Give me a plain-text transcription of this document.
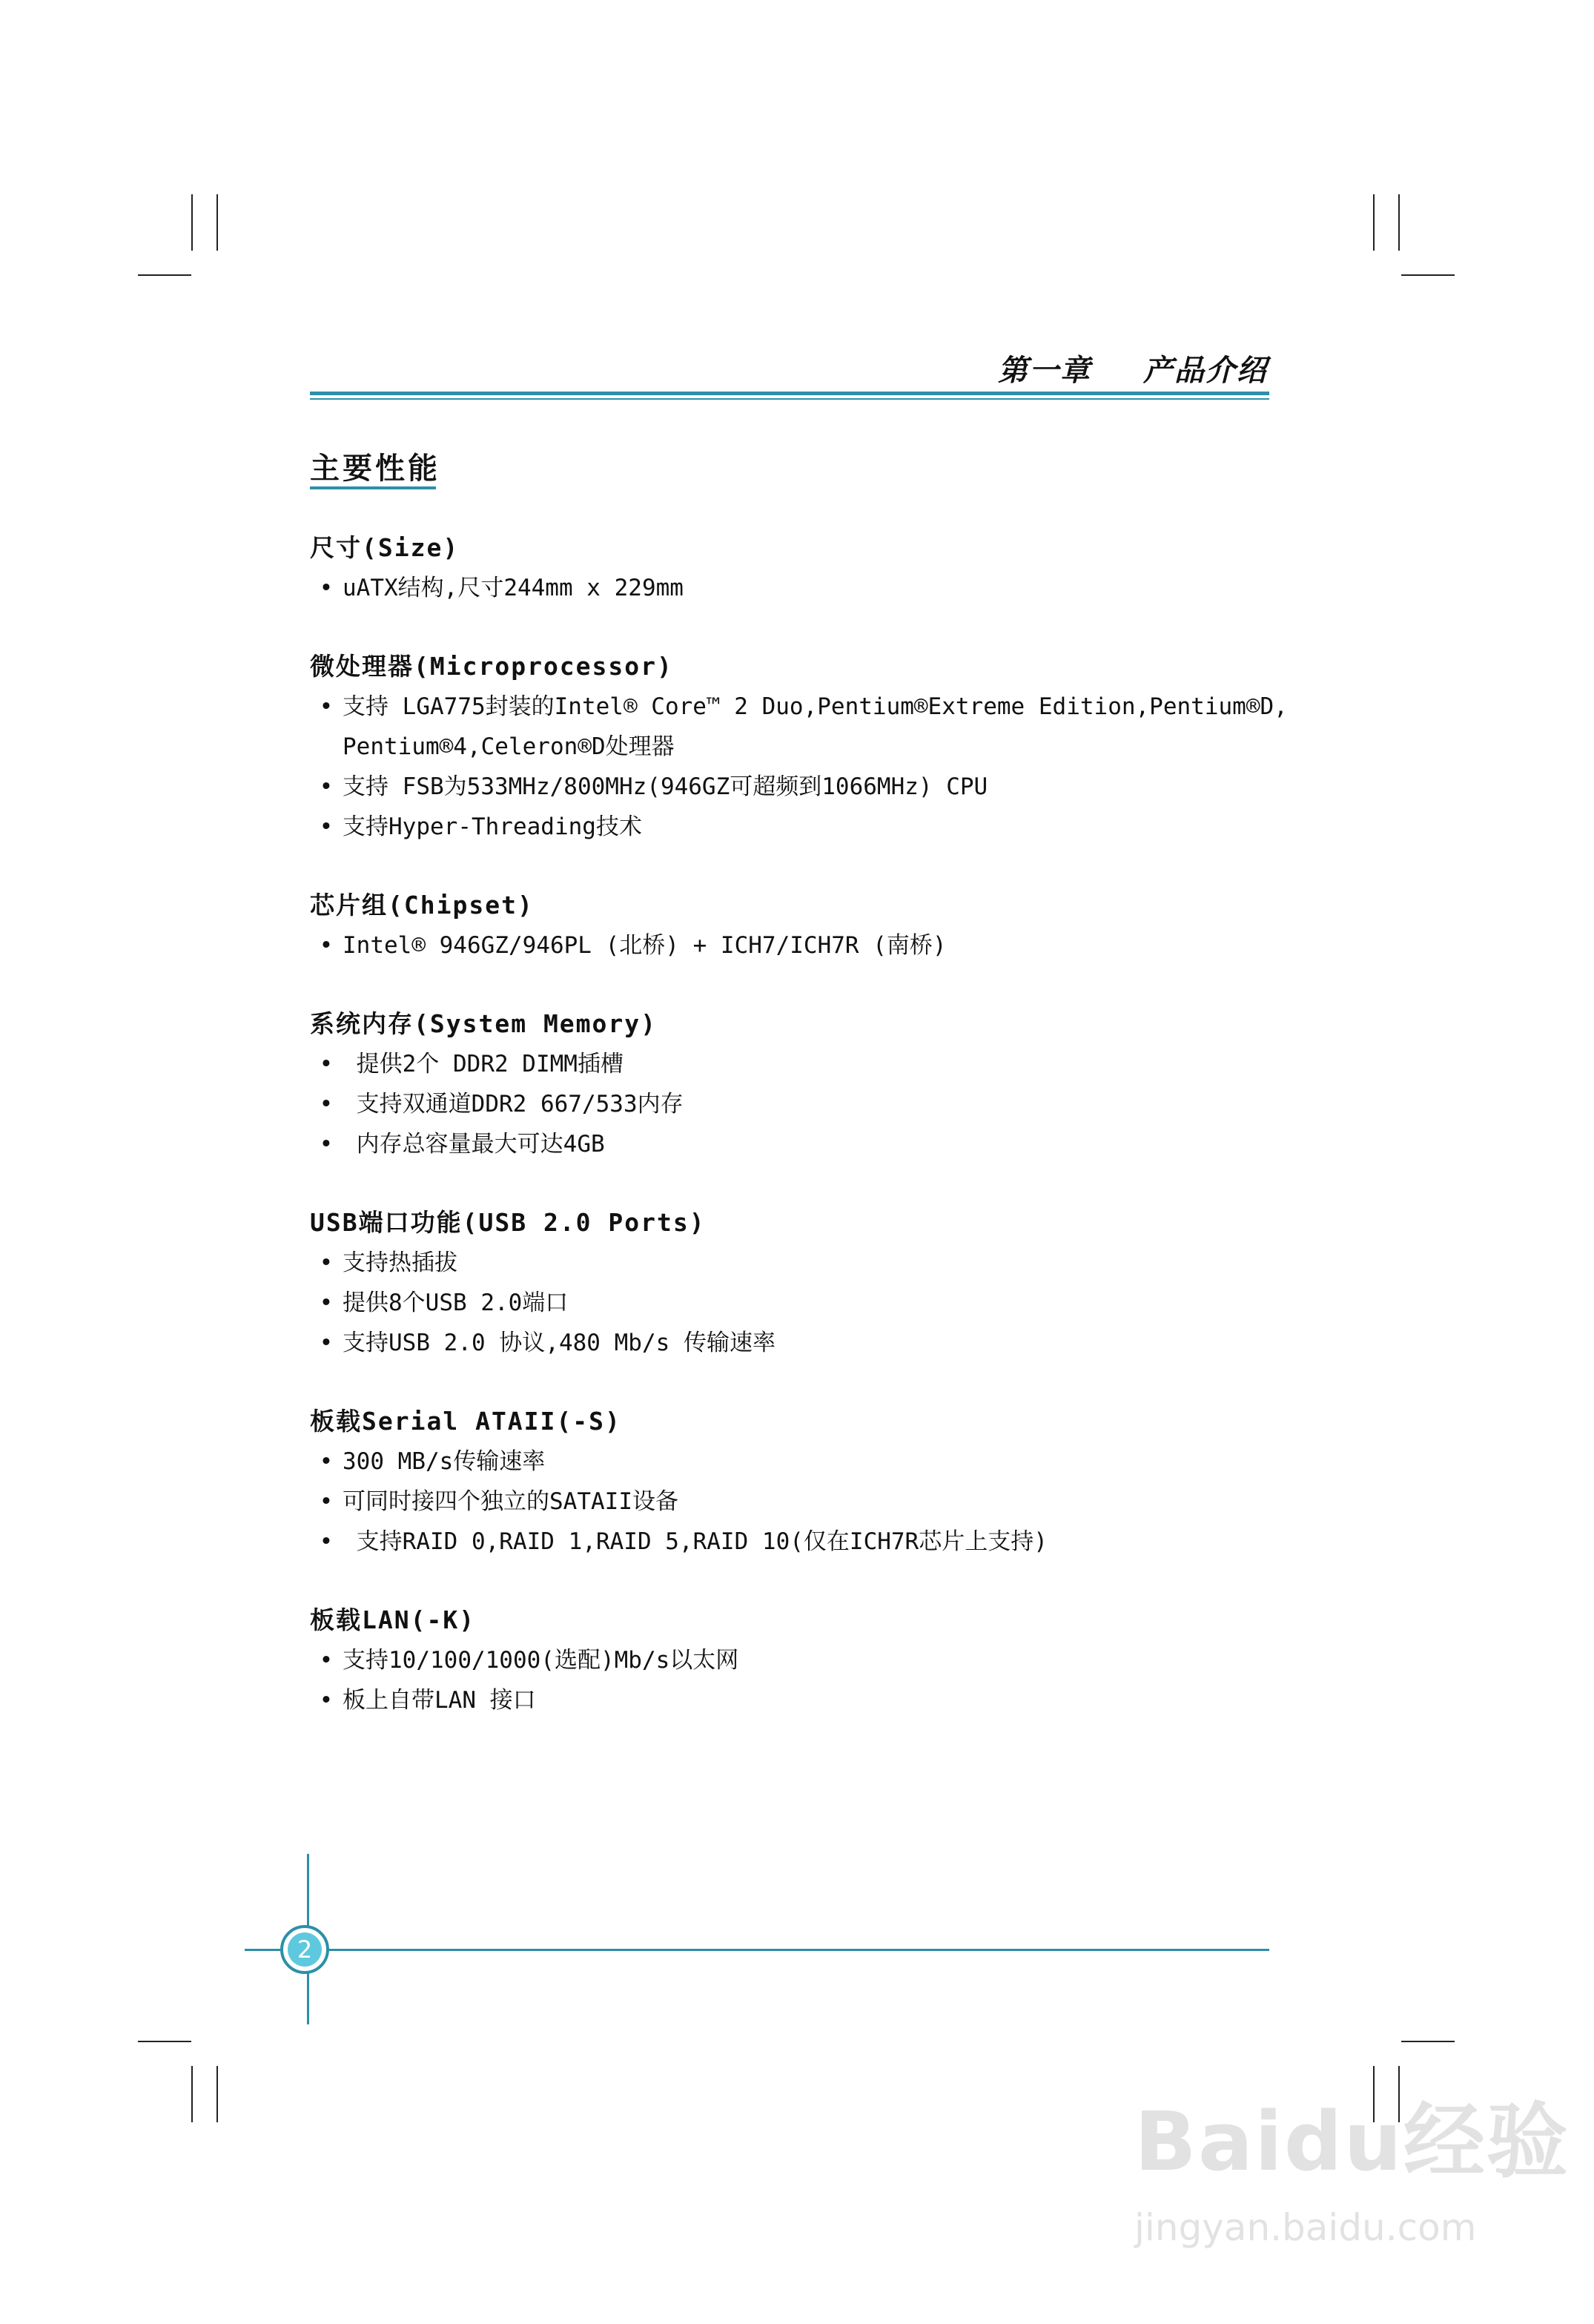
第一章 产品介绍
主要性能
尺寸(Size)
• uATX结构,尺寸244mm x 229mm
微处理器(Microprocessor)
• 支持 LGA775封装的Intel® Core™ 2 Duo,Pentium®Extreme Edition,Pentium®D,
Pentium®4,Celeron®D处理器
• 支持 FSB为533MHz/800MHz(946GZ可超频到1066MHz) CPU
• 支持Hyper-Threading技术
芯片组(Chipset)
• Intel® 946GZ/946PL (北桥) + ICH7/ICH7R (南桥)
系统内存(System Memory)
• 提供2个 DDR2 DIMM插槽
• 支持双通道DDR2 667/533内存
• 内存总容量最大可达4GB
USB端口功能(USB 2.0 Ports)
• 支持热插拔
• 提供8个USB 2.0端口
• 支持USB 2.0 协议,480 Mb/s 传输速率
板载Serial ATAII(-S)
• 300 MB/s传输速率
• 可同时接四个独立的SATAII设备
• 支持RAID 0,RAID 1,RAID 5,RAID 10(仅在ICH7R芯片上支持)
板载LAN(-K)
• 支持10/100/1000(选配)Mb/s以太网
• 板上自带LAN 接口
2
Baidu经验
jingyan.baidu.com
